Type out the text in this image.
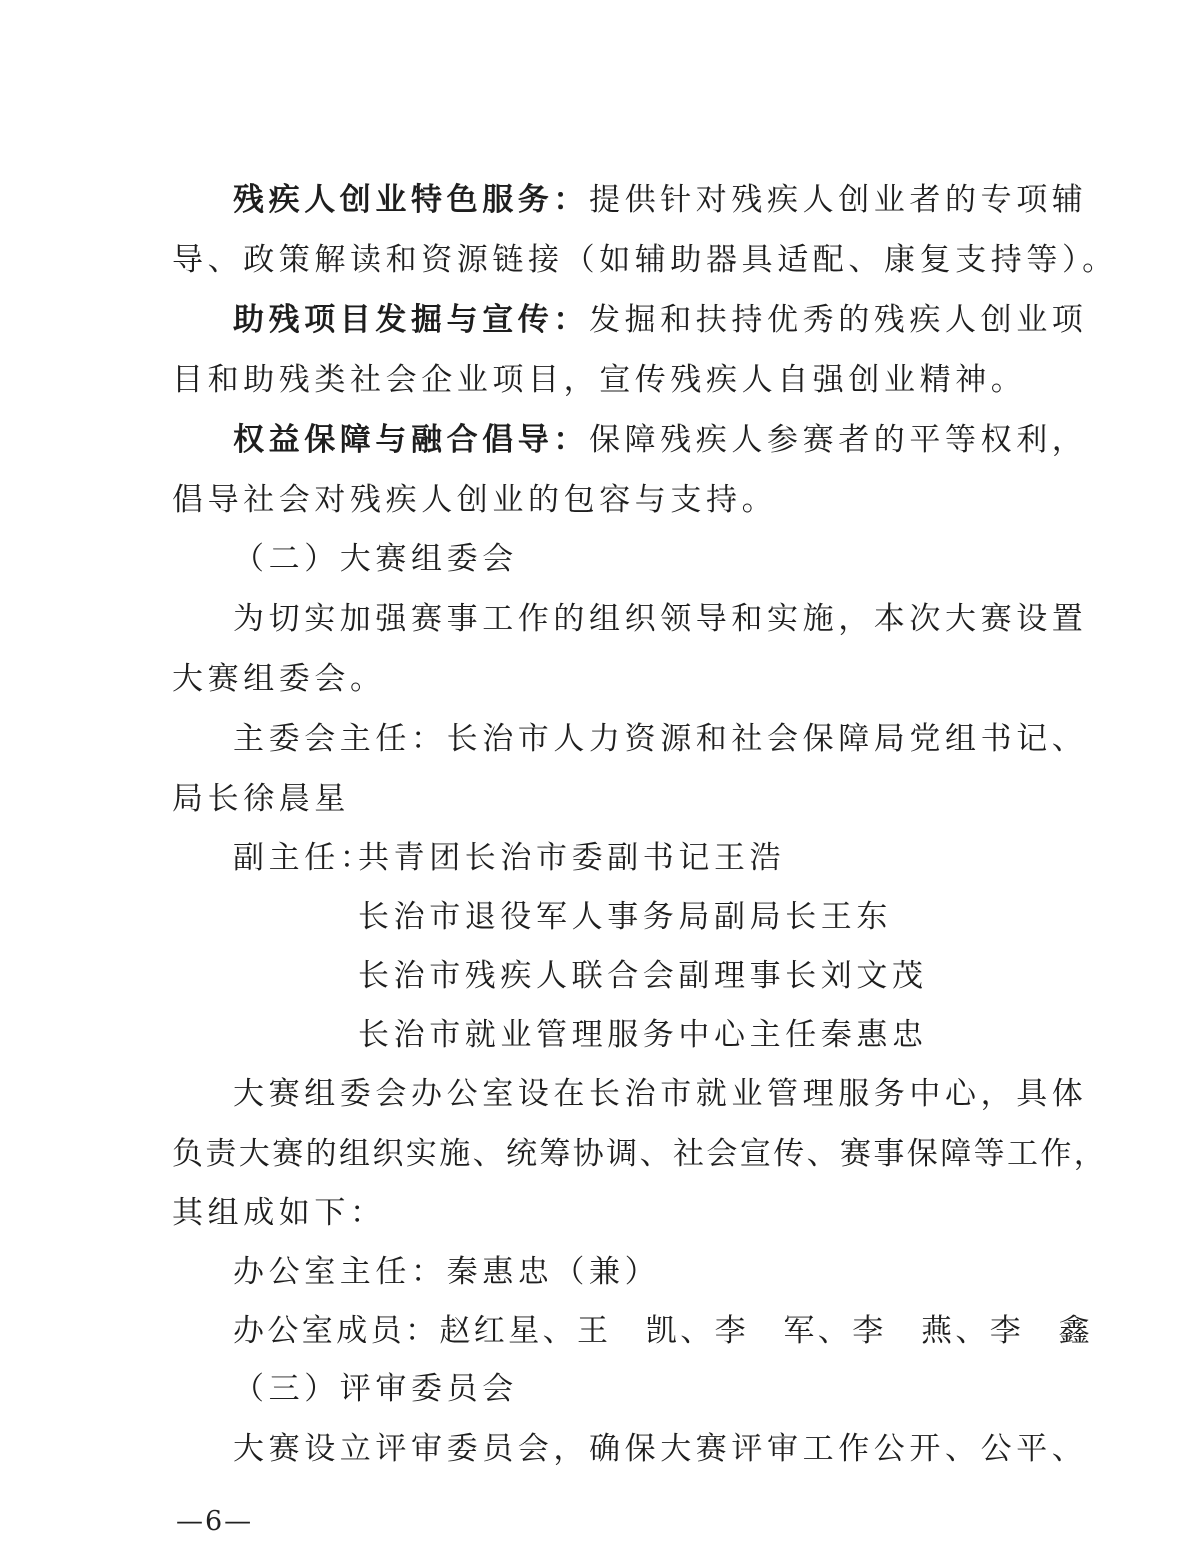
残疾人创业特色服务：提供针对残疾人创业者的专项辅
导、政策解读和资源链接（如辅助器具适配、康复支持等）。
助残项目发掘与宣传：发掘和扶持优秀的残疾人创业项
目和助残类社会企业项目，宣传残疾人自强创业精神。
权益保障与融合倡导：保障残疾人参赛者的平等权利，
倡导社会对残疾人创业的包容与支持。
（二）大赛组委会
为切实加强赛事工作的组织领导和实施，本次大赛设置
大赛组委会。
主委会主任：长治市人力资源和社会保障局党组书记、
局长徐晨星
副主任：
共青团长治市委副书记王浩
长治市退役军人事务局副局长王东
长治市残疾人联合会副理事长刘文茂
长治市就业管理服务中心主任秦惠忠
大赛组委会办公室设在长治市就业管理服务中心，具体
负责大赛的组织实施、统筹协调、社会宣传、赛事保障等工作，
其组成如下：
办公室主任：秦惠忠（兼）
办公室成员：赵红星、王　凯、李　军、李　燕、李　鑫
（三）评审委员会
大赛设立评审委员会，确保大赛评审工作公开、公平、
—6—
